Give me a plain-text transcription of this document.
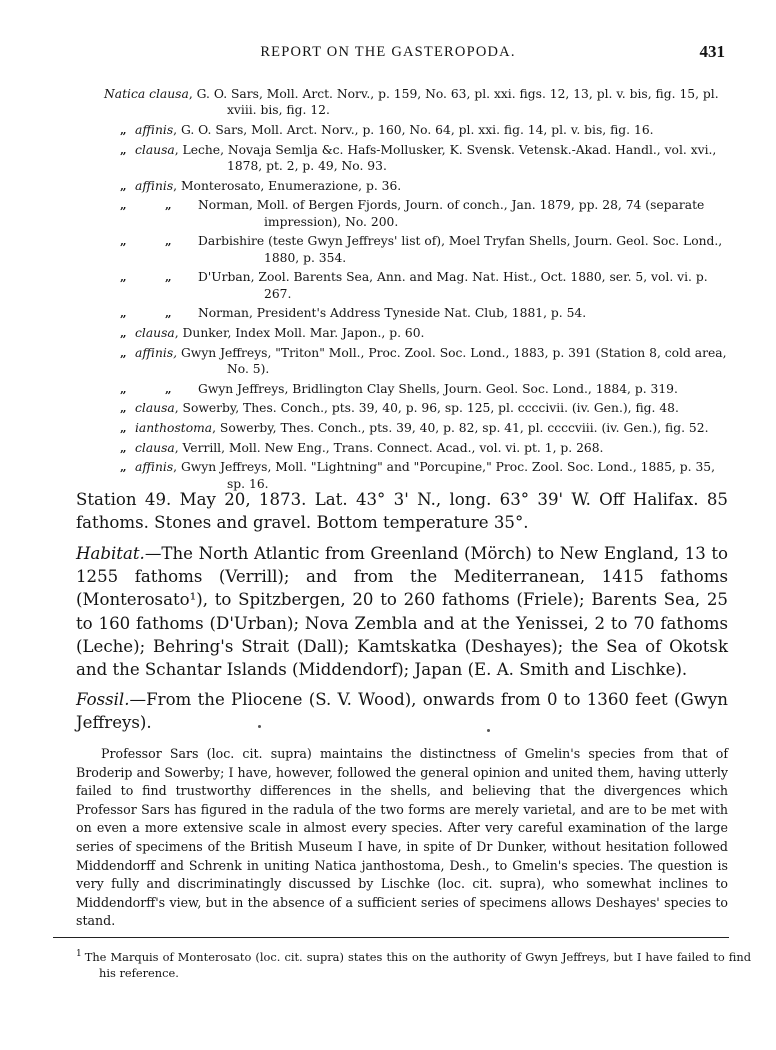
REPORT ON THE GASTEROPODA.	431
Natica clausa, G. O. Sars, Moll. Arct. Norv., p. 159, No. 63, pl. xxi. figs. 12, 13, pl. v. bis, fig. 15, pl. xviii. bis, fig. 12.
„ affinis, G. O. Sars, Moll. Arct. Norv., p. 160, No. 64, pl. xxi. fig. 14, pl. v. bis, fig. 16.
„ clausa, Leche, Novaja Semlja &c. Hafs-Mollusker, K. Svensk. Vetensk.-Akad. Handl., vol. xvi., 1878, pt. 2, p. 49, No. 93.
„ affinis, Monterosato, Enumerazione, p. 36.
„	„ Norman, Moll. of Bergen Fjords, Journ. of conch., Jan. 1879, pp. 28, 74 (separate impression), No. 200.
„	„ Darbishire (teste Gwyn Jeffreys' list of), Moel Tryfan Shells, Journ. Geol. Soc. Lond., 1880, p. 354.
„	„ D'Urban, Zool. Barents Sea, Ann. and Mag. Nat. Hist., Oct. 1880, ser. 5, vol. vi. p. 267.
„	„ Norman, President's Address Tyneside Nat. Club, 1881, p. 54.
„ clausa, Dunker, Index Moll. Mar. Japon., p. 60.
„ affinis, Gwyn Jeffreys, "Triton" Moll., Proc. Zool. Soc. Lond., 1883, p. 391 (Station 8, cold area, No. 5).
„	„ Gwyn Jeffreys, Bridlington Clay Shells, Journ. Geol. Soc. Lond., 1884, p. 319.
„ clausa, Sowerby, Thes. Conch., pts. 39, 40, p. 96, sp. 125, pl. ccccivii. (iv. Gen.), fig. 48.
„ ianthostoma, Sowerby, Thes. Conch., pts. 39, 40, p. 82, sp. 41, pl. ccccviii. (iv. Gen.), fig. 52.
„ clausa, Verrill, Moll. New Eng., Trans. Connect. Acad., vol. vi. pt. 1, p. 268.
„ affinis, Gwyn Jeffreys, Moll. "Lightning" and "Porcupine," Proc. Zool. Soc. Lond., 1885, p. 35, sp. 16.
Station 49. May 20, 1873. Lat. 43° 3' N., long. 63° 39' W. Off Halifax. 85 fathoms. Stones and gravel. Bottom temperature 35°.
Habitat.—The North Atlantic from Greenland (Mörch) to New England, 13 to 1255 fathoms (Verrill); and from the Mediterranean, 1415 fathoms (Monterosato¹), to Spitzbergen, 20 to 260 fathoms (Friele); Barents Sea, 25 to 160 fathoms (D'Urban); Nova Zembla and at the Yenissei, 2 to 70 fathoms (Leche); Behring's Strait (Dall); Kamtskatka (Deshayes); the Sea of Okotsk and the Schantar Islands (Middendorf); Japan (E. A. Smith and Lischke).
Fossil.—From the Pliocene (S. V. Wood), onwards from 0 to 1360 feet (Gwyn Jeffreys).
Professor Sars (loc. cit. supra) maintains the distinctness of Gmelin's species from that of Broderip and Sowerby; I have, however, followed the general opinion and united them, having utterly failed to find trustworthy differences in the shells, and believing that the divergences which Professor Sars has figured in the radula of the two forms are merely varietal, and are to be met with on even a more extensive scale in almost every species. After very careful examination of the large series of specimens of the British Museum I have, in spite of Dr Dunker, without hesitation followed Middendorff and Schrenk in uniting Natica janthostoma, Desh., to Gmelin's species. The question is very fully and discriminatingly discussed by Lischke (loc. cit. supra), who somewhat inclines to Middendorff's view, but in the absence of a sufficient series of specimens allows Deshayes' species to stand.
$^1$ The Marquis of Monterosato (loc. cit. supra) states this on the authority of Gwyn Jeffreys, but I have failed to find his reference.
